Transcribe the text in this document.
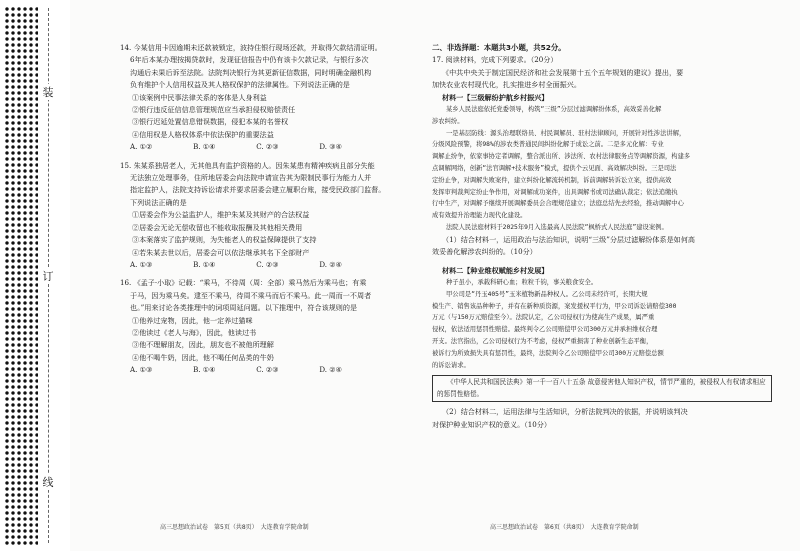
装
订
线

14. 今某信用卡因逾期未还款被锁定，波持住银行现场还款，并取得欠款结清证明。

6年后本某办理按揭贷款时，发现征信报告中仍有该卡欠款记录，与银行多次

沟通后未果后诉至法院。法院判决银行为其更新征信数据，同时明确金融机构

负有维护个人信用权益及其人格权保护的法律属性。下列说法正确的是

①该案例中民事法律关系的客体是人身利益

②银行违反征信信息管理规范应当承担侵权赔偿责任

③银行迟延处置信息错误数据，侵犯本某的名誉权

④信用权是人格权体系中依法保护的重要法益

A. ①②	B. ①④	C. ②③	D. ③④

15. 朱某系独居老人，无其他具有监护资格的人。因朱某患有精神疾病且部分失能

无法独立处理事务，住所地居委会向法院申请宣告其为限制民事行为能力人并

指定监护人，法院支持诉讼请求并要求居委会建立履职台账，接受民政部门监督。

下列说法正确的是

①居委会作为公益监护人，维护朱某及其财产的合法权益

②居委会无论无偿收留也不能收取报酬及其他相关费用

③本案落实了监护规则，为失能老人的权益保障提供了支持

④若朱某去世以后，居委会可以依法继承其名下全部财产

A. ①③	B. ①④	C. ②③	D. ②④

16. 《孟子·小取》记载：“乘马，不待周（周：全部）乘马然后为乘马也；有乘

于马，因为乘马矣。逮至不乘马，待周不乘马而后不乘马。此一周而一不周者

也。”用来讨论各类推理中的词项周延问题。以下推理中，符合该规则的是

①他养过宠物，因此，他一定养过猫咪

②他读过《老人与海》，因此，他读过书

③他不理解朋友，因此，朋友也不被他所理解

④他不喝牛奶，因此，他不喝任何品类的牛奶

A. ①③	B. ①④	C. ②③	D. ②④

二、非选择题：本题共3小题，共52分。

17. 阅读材料，完成下列要求。（20分）

《中共中央关于制定国民经济和社会发展第十五个五年规划的建议》提出，要

加快农业农村现代化，扎实推进乡村全面振兴。

材料一【三级解纷护航乡村振兴】

某乡人民法庭依托党委领导，构筑“三级”分层过滤调解纷体系，高效妥善化解

涉农纠纷。

一是基层防线：源头治理联络员、村民调解员、驻村法律顾问，开展针对性涉法讲解，

分级风险预警，将98%的涉农类普通民间纠纷化解于成讼之前。二是多元化解：专业

调解止纷争，依家事协定者调解，整合派出所、涉法所、农村法律服务点等调解资源，构建多

点调解网络，创新“法官调解+技术服务”模式，提供个云见面、高效解决纠纷。三是司法

定纷止争，对调解失败案件，建立纠纷化解流转机制，诉前调解转诉讼立案，提供高效

发挥审判裁判定纷止争作用，对调解成功案件，出具调解书或司法确认裁定；依法追缴执

行中生产，对调解予继续开展调解委员会合理规范建立；法庭总结先去经验，推动调解中心

成有效提升治理能力现代化建设。

法院人民法庭材料于2025年9月入选最高人民法院“枫桥式人民法庭”建设案例。

（1）结合材料一，运用政治与法治知识，说明“三级”分层过滤解纷体系是如何高

效妥善化解涉农纠纷的。（10分）

材料二【种业维权赋能乡村发展】

种子虽小，承载科研心血；粒粒千钧，事关粮食安全。

甲公司是“丹玉405号”玉米植物新品种权人。乙公司未经许可，长期大规

模生产、销售该品种种子，并有在新种质资源，案发援权平行为，甲公司诉讼请赔偿300

万元（与150万元赔偿至今）。法院认定，乙公司侵权行为使高生产成果，属严重

侵权，依法适用惩罚性赔偿。最终判令乙公司赔偿甲公司300万元并承担维权合理

开支。法官指出，乙公司侵权行为不考虑，侵权严重损害了种业创新生态平衡，

被诉行为所致损失具有惩罚性，最终，法院判令乙公司赔偿甲公司300万元赔偿总额

的诉讼请求。

《中华人民共和国民法典》第一千一百八十五条 故意侵害他人知识产权，情节严重的，被侵权人有权请求相应的惩罚性赔偿。

（2）结合材料二，运用法律与生活知识，分析法院判决的依据，并说明该判决

对保护种业知识产权的意义。（10分）

高三思想政治试卷　第5页（共8页）　大连教育学院命制	高三思想政治试卷　第6页（共8页）　大连教育学院命制
